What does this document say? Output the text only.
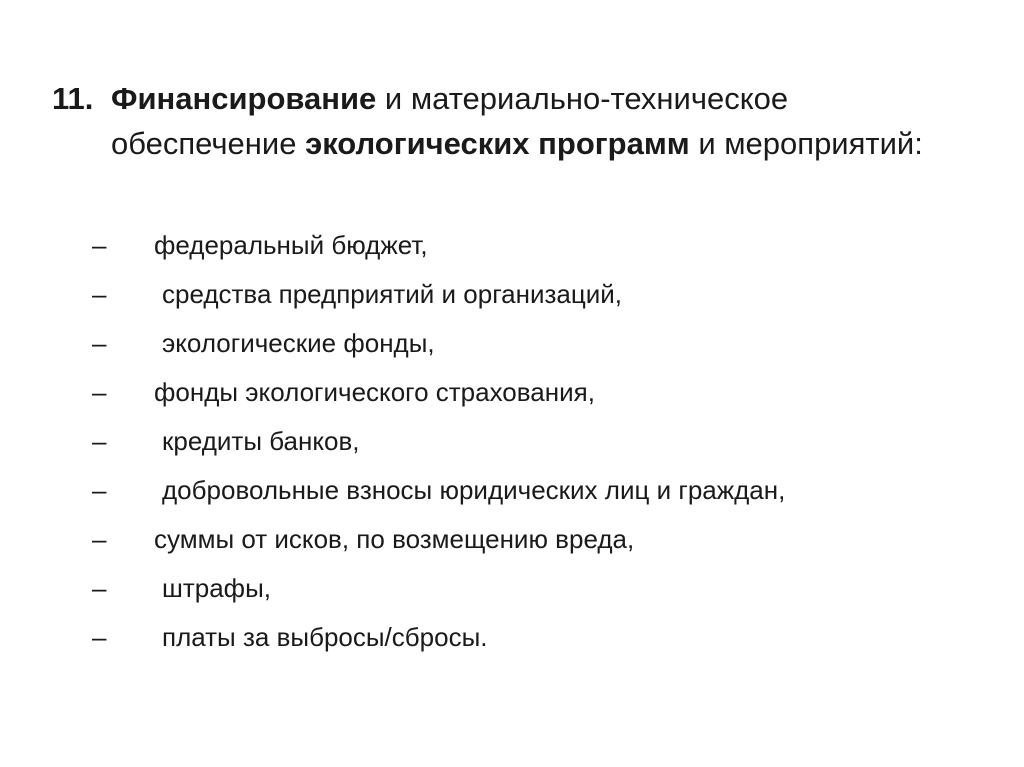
11. Финансирование и материально-техническое обеспечение экологических программ и мероприятий:
– федеральный бюджет,
– средства предприятий и организаций,
– экологические фонды,
– фонды экологического страхования,
– кредиты банков,
– добровольные взносы юридических лиц и граждан,
– суммы от исков, по возмещению вреда,
– штрафы,
– платы за выбросы/сбросы.
